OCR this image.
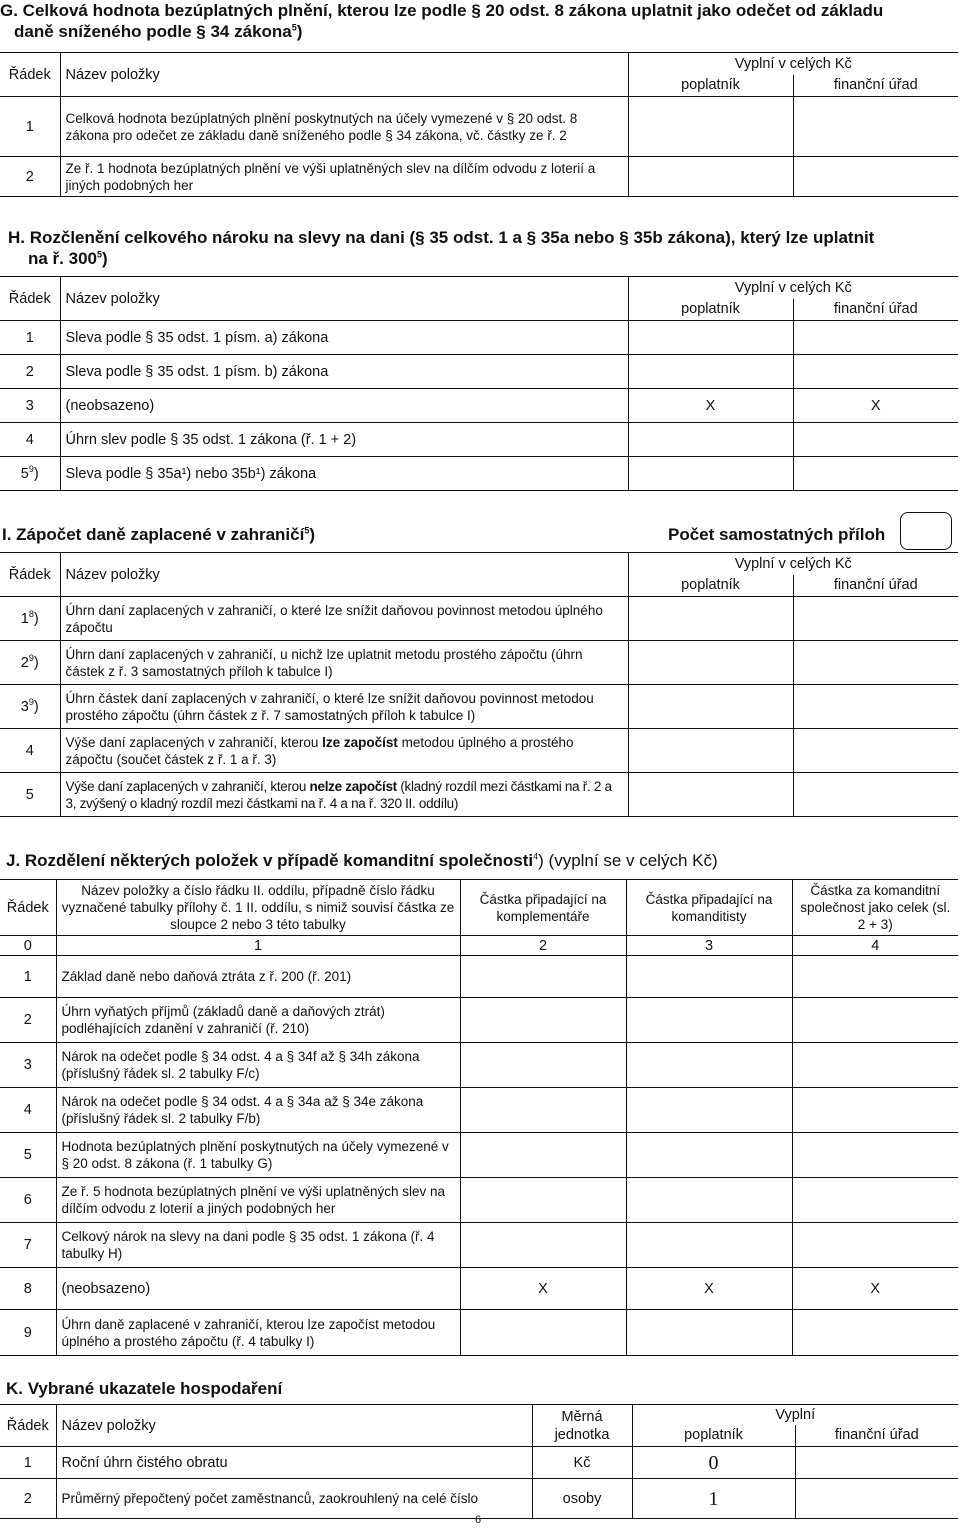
G. Celková hodnota bezúplatných plnění, kterou lze podle § 20 odst. 8 zákona uplatnit jako odečet od základu
daně sníženého podle § 34 zákona$^5$)
Řádek	Název položky	Vyplní v celých Kč	
		poplatník	finanční úřad
1	Celková hodnota bezúplatných plnění poskytnutých na účely vymezené v § 20 odst. 8 zákona pro odečet ze základu daně sníženého podle § 34 zákona, vč. částky ze ř. 2		
2	Ze ř. 1 hodnota bezúplatných plnění ve výši uplatněných slev na dílčím odvodu z loterií a jiných podobných her		
H. Rozčlenění celkového nároku na slevy na dani (§ 35 odst. 1 a § 35a nebo § 35b zákona), který lze uplatnit
na ř. $300^5$)
Řádek	Název položky	Vyplní v celých Kč	
		poplatník	finanční úřad
1	Sleva podle § 35 odst. 1 písm. a) zákona		
2	Sleva podle § 35 odst. 1 písm. b) zákona		
3	(neobsazeno)	X	X
4	Úhrn slev podle § 35 odst. 1 zákona (ř. 1 + 2)		
$5^9$)	Sleva podle § 35a¹) nebo 35b¹) zákona		
I. Zápočet daně zaplacené v zahraničí$^5$)	Počet samostatných příloh
Řádek	Název položky	Vyplní v celých Kč	
		poplatník	finanční úřad
$1^8$)	Úhrn daní zaplacených v zahraničí, o které lze snížit daňovou povinnost metodou úplného zápočtu		
$2^9$)	Úhrn daní zaplacených v zahraničí, u nichž lze uplatnit metodu prostého zápočtu (úhrn částek z ř. 3 samostatných příloh k tabulce I)		
$3^9$)	Úhrn částek daní zaplacených v zahraničí, o které lze snížit daňovou povinnost metodou prostého zápočtu (úhrn částek z ř. 7 samostatných příloh k tabulce I)		
4	Výše daní zaplacených v zahraničí, kterou lze započíst metodou úplného a prostého zápočtu (součet částek z ř. 1 a ř. 3)		
5	Výše daní zaplacených v zahraničí, kterou nelze započíst (kladný rozdíl mezi částkami na ř. 2 a 3, zvýšený o kladný rozdíl mezi částkami na ř. 4 a na ř. 320 II. oddílu)		
J. Rozdělení některých položek v případě komanditní společnosti$^4$) (vyplní se v celých Kč)
Řádek	Název položky a číslo řádku II. oddílu, případně číslo řádku vyznačené tabulky přílohy č. 1 II. oddílu, s nimiž souvisí částka ze sloupce 2 nebo 3 této tabulky	Částka připadající na komplementáře	Částka připadající na komanditisty	Částka za komanditní společnost jako celek (sl. 2 + 3)
0	1	2	3	4
1	Základ daně nebo daňová ztráta z ř. 200 (ř. 201)			
2	Úhrn vyňatých příjmů (základů daně a daňových ztrát) podléhajících zdanění v zahraničí (ř. 210)			
3	Nárok na odečet podle § 34 odst. 4 a § 34f až § 34h zákona (příslušný řádek sl. 2 tabulky F/c)			
4	Nárok na odečet podle § 34 odst. 4 a § 34a až § 34e zákona (příslušný řádek sl. 2 tabulky F/b)			
5	Hodnota bezúplatných plnění poskytnutých na účely vymezené v § 20 odst. 8 zákona (ř. 1 tabulky G)			
6	Ze ř. 5 hodnota bezúplatných plnění ve výši uplatněných slev na dílčím odvodu z loterií a jiných podobných her			
7	Celkový nárok na slevy na dani podle § 35 odst. 1 zákona (ř. 4 tabulky H)			
8	(neobsazeno)	X	X	X
9	Úhrn daně zaplacené v zahraničí, kterou lze započíst metodou úplného a prostého zápočtu (ř. 4 tabulky I)			
K. Vybrané ukazatele hospodaření
Řádek	Název položky	Měrná jednotka	Vyplní	
			poplatník	finanční úřad
1	Roční úhrn čistého obratu	Kč	0	
2	Průměrný přepočtený počet zaměstnanců, zaokrouhlený na celé číslo	osoby	1	
6
